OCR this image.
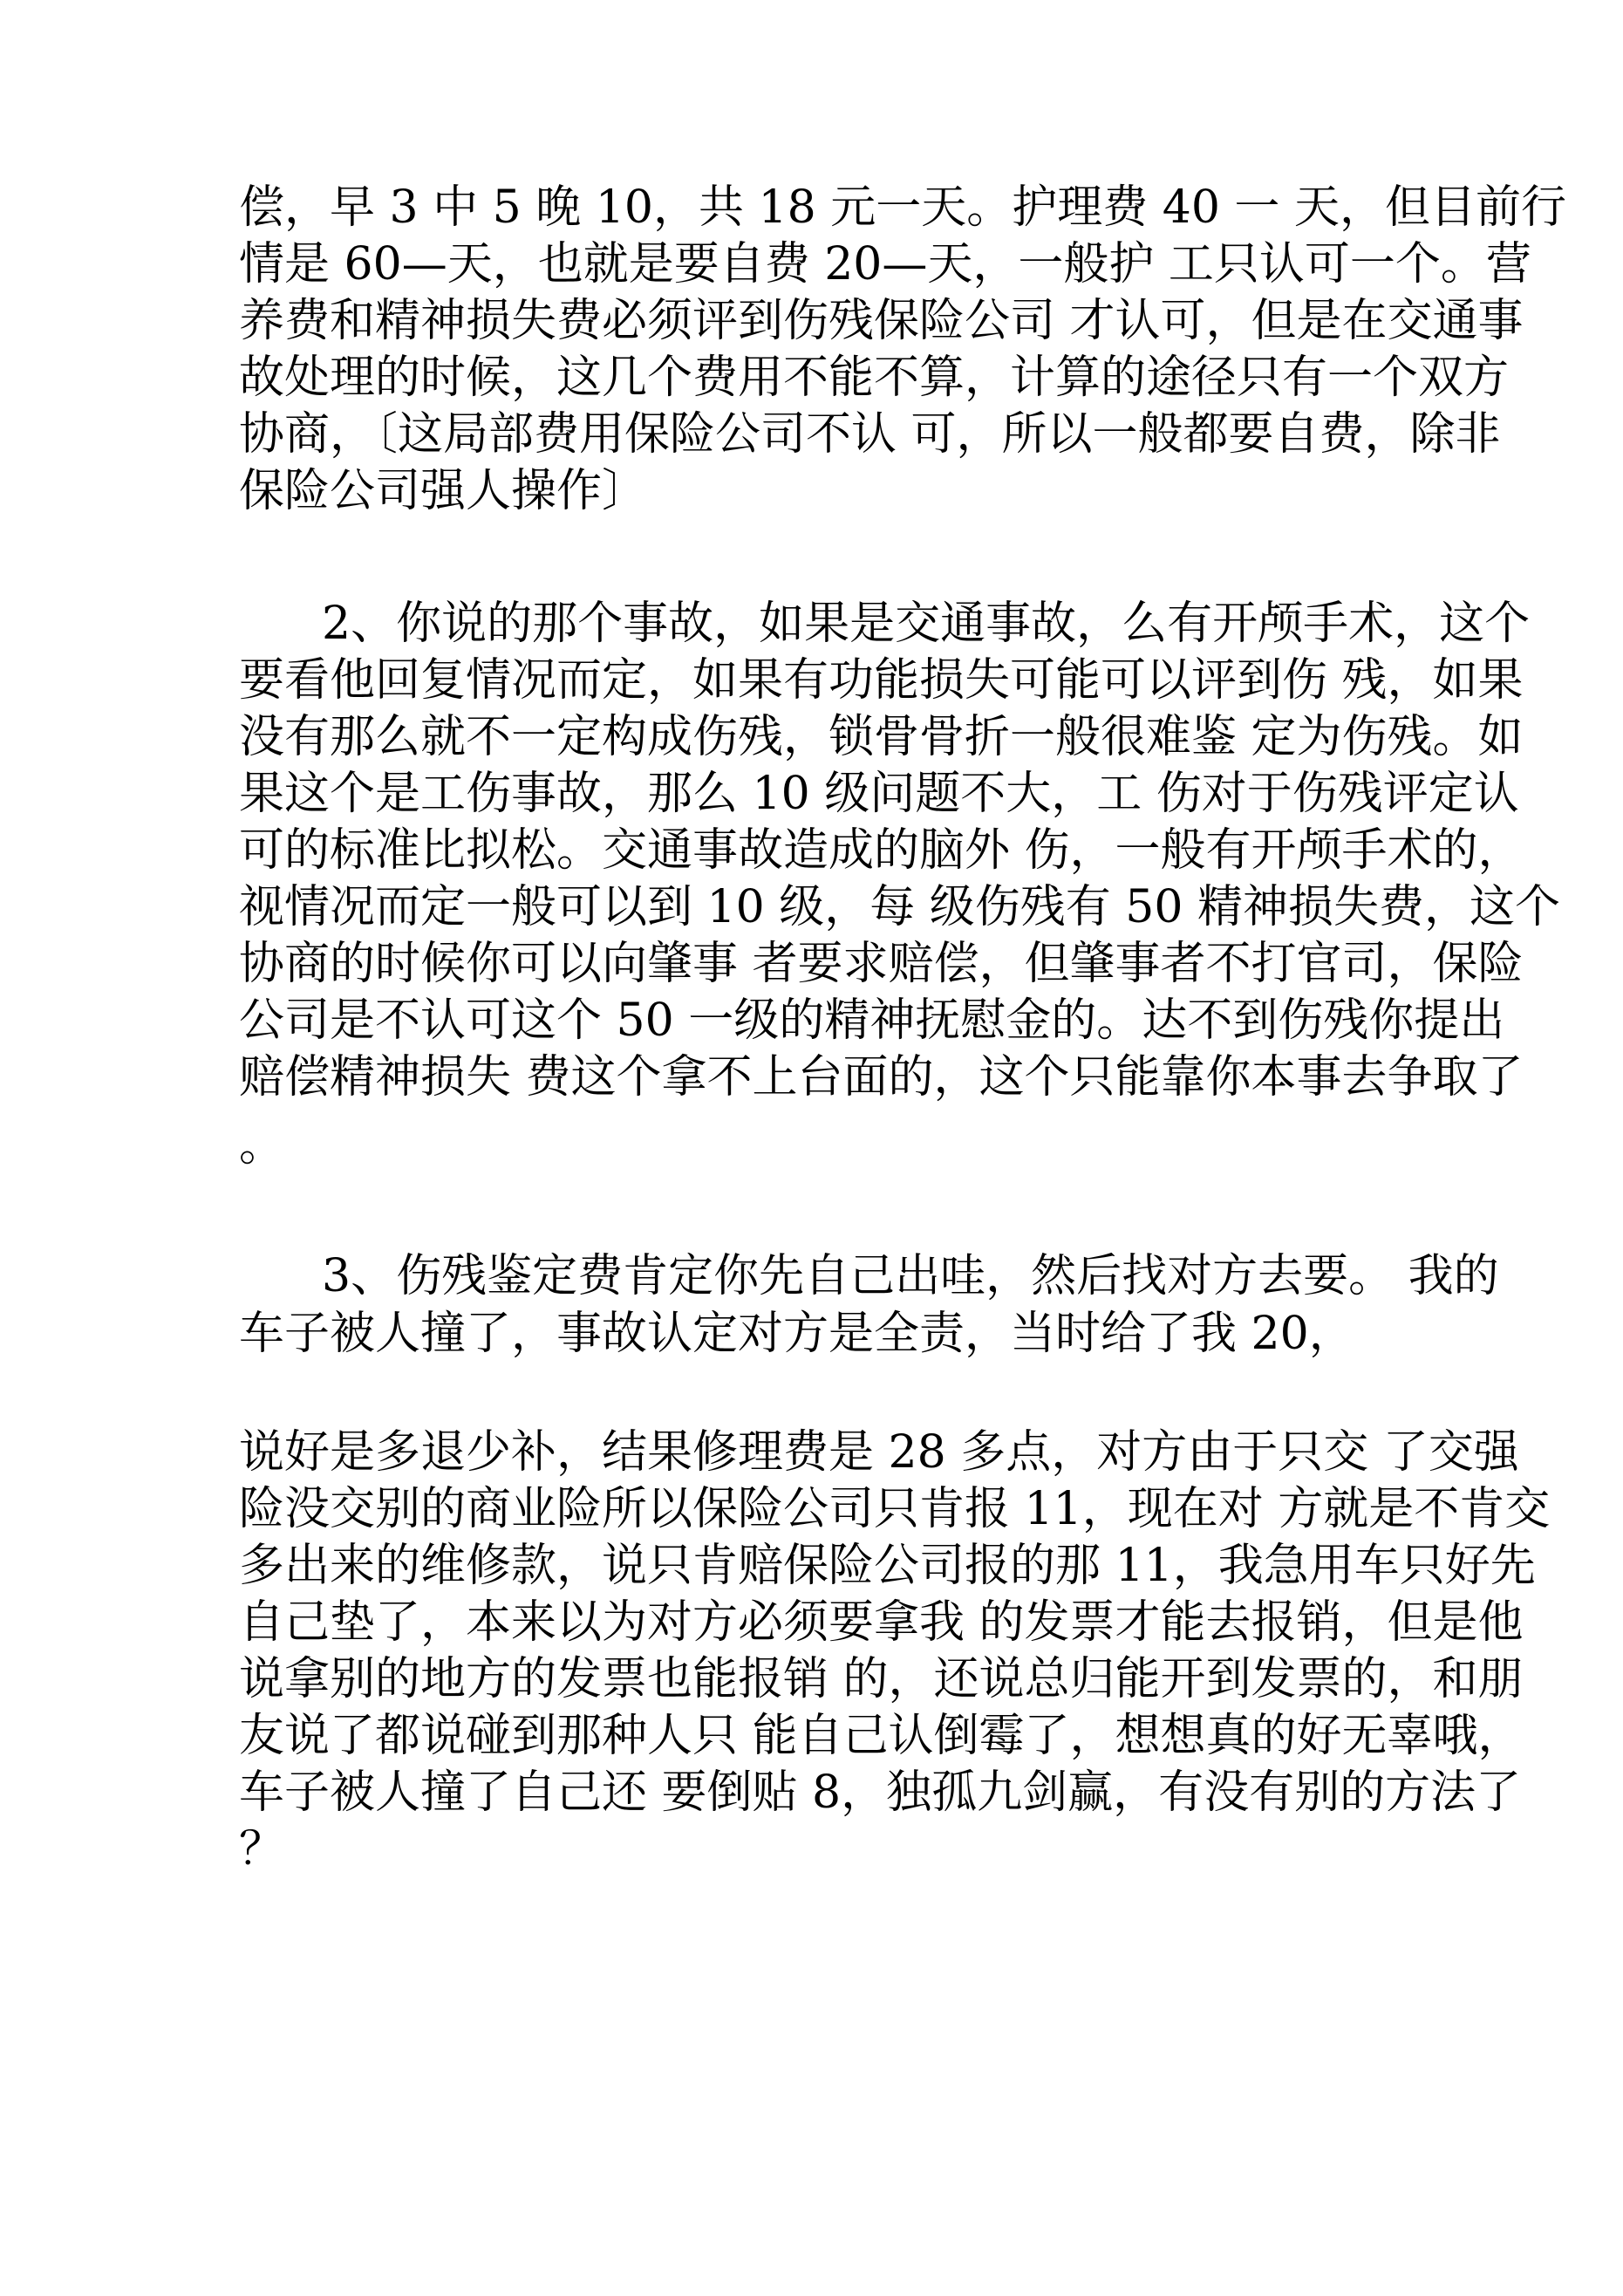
偿，早 3 中 5 晚 10，共 18 元一天。护理费 40 一 天，但目前行
情是 60—天，也就是要自费 20—天，一般护 工只认可一个。营
养费和精神损失费必须评到伤残保险公司 才认可，但是在交通事
故处理的时候，这几个费用不能不算，计算的途径只有一个双方
协商，〔这局部费用保险公司不认 可，所以一般都要自费，除非
保险公司强人操作〕
2、你说的那个事故，如果是交通事故，么有开颅手术，这个
要看他回复情况而定，如果有功能损失可能可以评到伤 残，如果
没有那么就不一定构成伤残，锁骨骨折一般很难鉴 定为伤残。如
果这个是工伤事故，那么 10 级问题不大，工 伤对于伤残评定认
可的标准比拟松。交通事故造成的脑外 伤，一般有开颅手术的，
视情况而定一般可以到 10 级，每 级伤残有 50 精神损失费，这个
协商的时候你可以向肇事 者要求赔偿，但肇事者不打官司，保险
公司是不认可这个 50 一级的精神抚慰金的。达不到伤残你提出
赔偿精神损失 费这个拿不上台面的，这个只能靠你本事去争取了
。
3、伤残鉴定费肯定你先自己出哇，然后找对方去要。 我的
车子被人撞了，事故认定对方是全责，当时给了我 20，
说好是多退少补，结果修理费是 28 多点，对方由于只交 了交强
险没交别的商业险所以保险公司只肯报 11，现在对 方就是不肯交
多出来的维修款，说只肯赔保险公司报的那 11，我急用车只好先
自己垫了，本来以为对方必须要拿我 的发票才能去报销，但是他
说拿别的地方的发票也能报销 的，还说总归能开到发票的，和朋
友说了都说碰到那种人只 能自己认倒霉了，想想真的好无辜哦，
车子被人撞了自己还 要倒贴 8，独孤九剑赢，有没有别的方法了
？
